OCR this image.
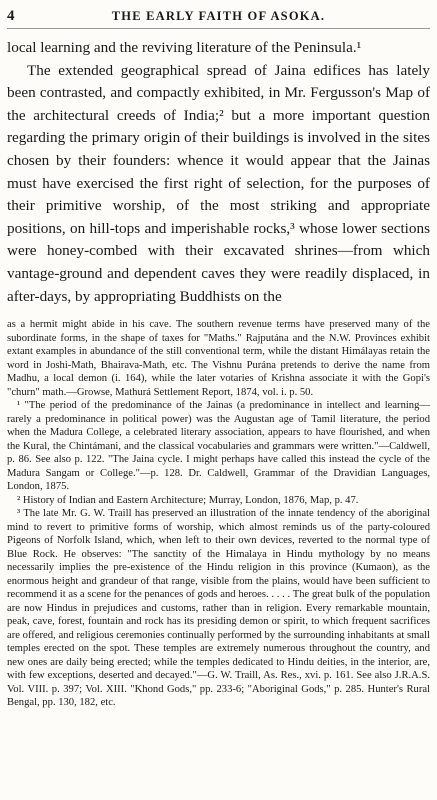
4	THE EARLY FAITH OF ASOKA.

local learning and the reviving literature of the Peninsula.¹

The extended geographical spread of Jaina edifices has lately been contrasted, and compactly exhibited, in Mr. Fergusson's Map of the architectural creeds of India;² but a more important question regarding the primary origin of their buildings is involved in the sites chosen by their founders: whence it would appear that the Jainas must have exercised the first right of selection, for the purposes of their primitive worship, of the most striking and appropriate positions, on hill-tops and imperishable rocks,³ whose lower sections were honey-combed with their excavated shrines—from which vantage-ground and dependent caves they were readily displaced, in after-days, by appropriating Buddhists on the

as a hermit might abide in his cave. The southern revenue terms have preserved many of the subordinate forms, in the shape of taxes for "Maths." Rajputána and the N.W. Provinces exhibit extant examples in abundance of the still conventional term, while the distant Himálayas retain the word in Joshi-Math, Bhairava-Math, etc. The Vishnu Purána pretends to derive the name from Madhu, a local demon (i. 164), while the later votaries of Krishna associate it with the Gopi's "churn" math.—Growse, Mathurá Settlement Report, 1874, vol. i. p. 50.

¹ "The period of the predominance of the Jainas (a predominance in intellect and learning—rarely a predominance in political power) was the Augustan age of Tamil literature, the period when the Madura College, a celebrated literary association, appears to have flourished, and when the Kural, the Chintámani, and the classical vocabularies and grammars were written."—Caldwell, p. 86. See also p. 122. "The Jaina cycle. I might perhaps have called this instead the cycle of the Madura Sangam or College."—p. 128. Dr. Caldwell, Grammar of the Dravidian Languages, London, 1875.

² History of Indian and Eastern Architecture; Murray, London, 1876, Map, p. 47.

³ The late Mr. G. W. Traill has preserved an illustration of the innate tendency of the aboriginal mind to revert to primitive forms of worship, which almost reminds us of the party-coloured Pigeons of Norfolk Island, which, when left to their own devices, reverted to the normal type of Blue Rock. He observes: "The sanctity of the Himalaya in Hindu mythology by no means necessarily implies the pre-existence of the Hindu religion in this province (Kumaon), as the enormous height and grandeur of that range, visible from the plains, would have been sufficient to recommend it as a scene for the penances of gods and heroes. . . . . The great bulk of the population are now Hindus in prejudices and customs, rather than in religion. Every remarkable mountain, peak, cave, forest, fountain and rock has its presiding demon or spirit, to which frequent sacrifices are offered, and religious ceremonies continually performed by the surrounding inhabitants at small temples erected on the spot. These temples are extremely numerous throughout the country, and new ones are daily being erected; while the temples dedicated to Hindu deities, in the interior, are, with few exceptions, deserted and decayed."—G. W. Traill, As. Res., xvi. p. 161. See also J.R.A.S. Vol. VIII. p. 397; Vol. XIII. "Khond Gods," pp. 233-6; "Aboriginal Gods," p. 285. Hunter's Rural Bengal, pp. 130, 182, etc.
